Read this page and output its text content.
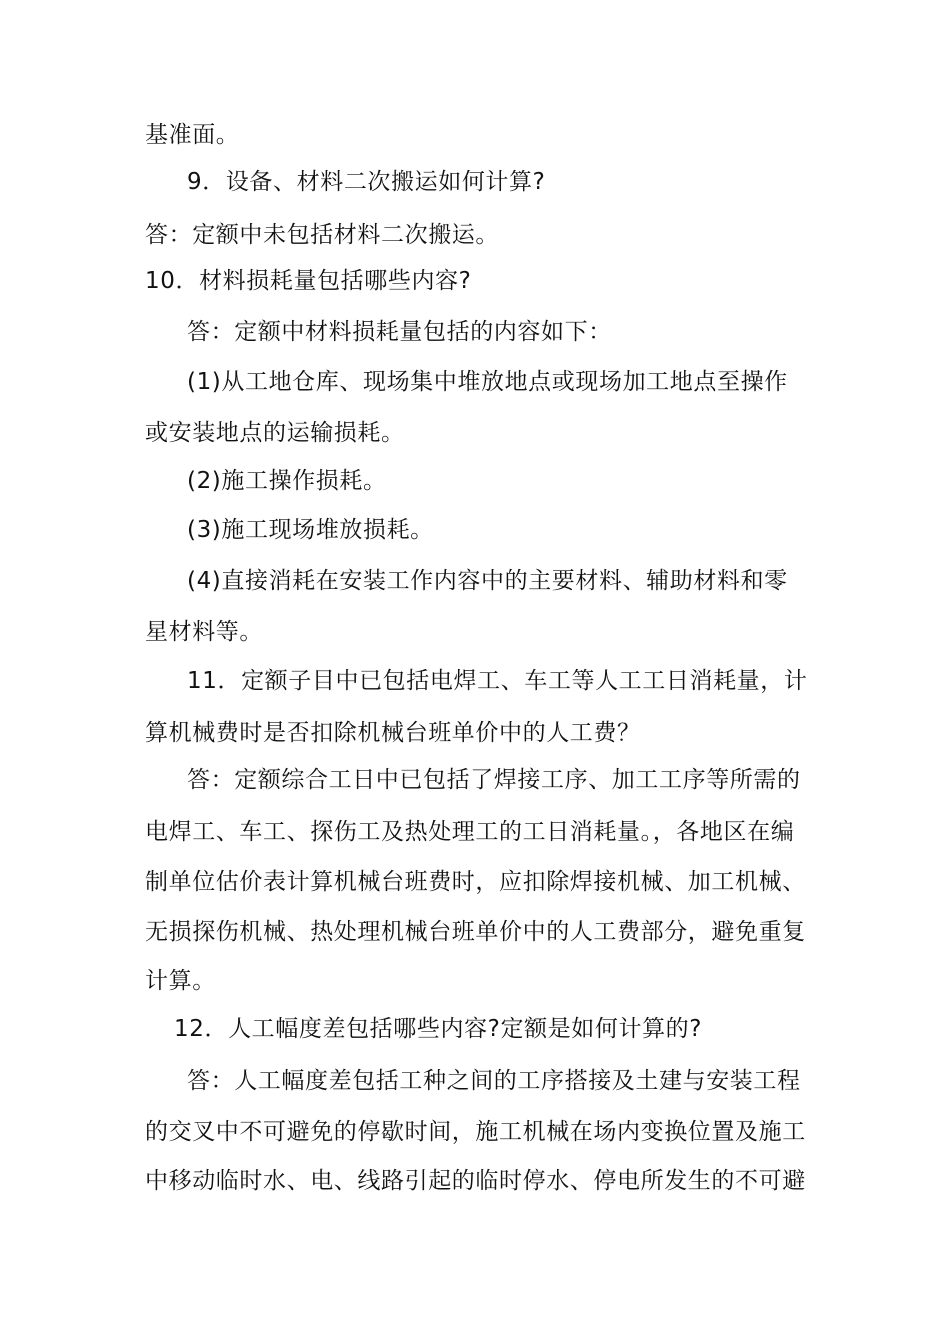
基准面。
9．设备、材料二次搬运如何计算?
答：定额中未包括材料二次搬运。
10．材料损耗量包括哪些内容?
答：定额中材料损耗量包括的内容如下：
(1)从工地仓库、现场集中堆放地点或现场加工地点至操作
或安装地点的运输损耗。
(2)施工操作损耗。
(3)施工现场堆放损耗。
(4)直接消耗在安装工作内容中的主要材料、辅助材料和零
星材料等。
11．定额子目中已包括电焊工、车工等人工工日消耗量，计
算机械费时是否扣除机械台班单价中的人工费？
答：定额综合工日中已包括了焊接工序、加工工序等所需的
电焊工、车工、探伤工及热处理工的工日消耗量。，各地区在编
制单位估价表计算机械台班费时，应扣除焊接机械、加工机械、
无损探伤机械、热处理机械台班单价中的人工费部分，避免重复
计算。
12．人工幅度差包括哪些内容?定额是如何计算的?
答：人工幅度差包括工种之间的工序搭接及土建与安装工程
的交叉中不可避免的停歇时间，施工机械在场内变换位置及施工
中移动临时水、电、线路引起的临时停水、停电所发生的不可避
